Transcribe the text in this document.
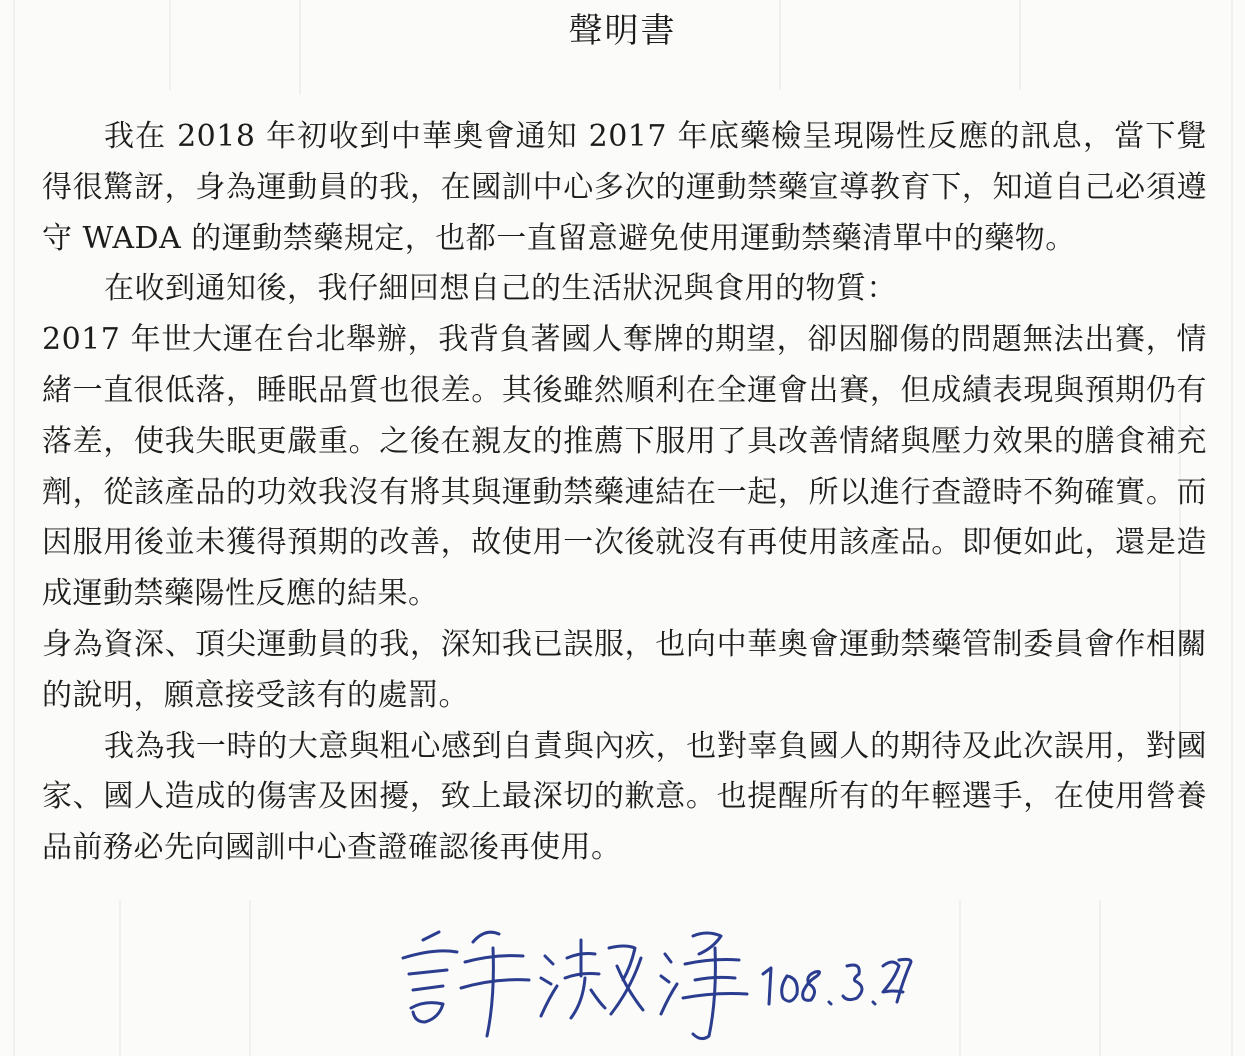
聲明書

我在 2018 年初收到中華奧會通知 2017 年底藥檢呈現陽性反應的訊息，當下覺得很驚訝，身為運動員的我，在國訓中心多次的運動禁藥宣導教育下，知道自己必須遵守 WADA 的運動禁藥規定，也都一直留意避免使用運動禁藥清單中的藥物。

在收到通知後，我仔細回想自己的生活狀況與食用的物質：

2017 年世大運在台北舉辦，我背負著國人奪牌的期望，卻因腳傷的問題無法出賽，情緒一直很低落，睡眠品質也很差。其後雖然順利在全運會出賽，但成績表現與預期仍有落差，使我失眠更嚴重。之後在親友的推薦下服用了具改善情緒與壓力效果的膳食補充劑，從該產品的功效我沒有將其與運動禁藥連結在一起，所以進行查證時不夠確實。而因服用後並未獲得預期的改善，故使用一次後就沒有再使用該產品。即便如此，還是造成運動禁藥陽性反應的結果。

身為資深、頂尖運動員的我，深知我已誤服，也向中華奧會運動禁藥管制委員會作相關的說明，願意接受該有的處罰。

我為我一時的大意與粗心感到自責與內疚，也對辜負國人的期待及此次誤用，對國家、國人造成的傷害及困擾，致上最深切的歉意。也提醒所有的年輕選手，在使用營養品前務必先向國訓中心查證確認後再使用。
